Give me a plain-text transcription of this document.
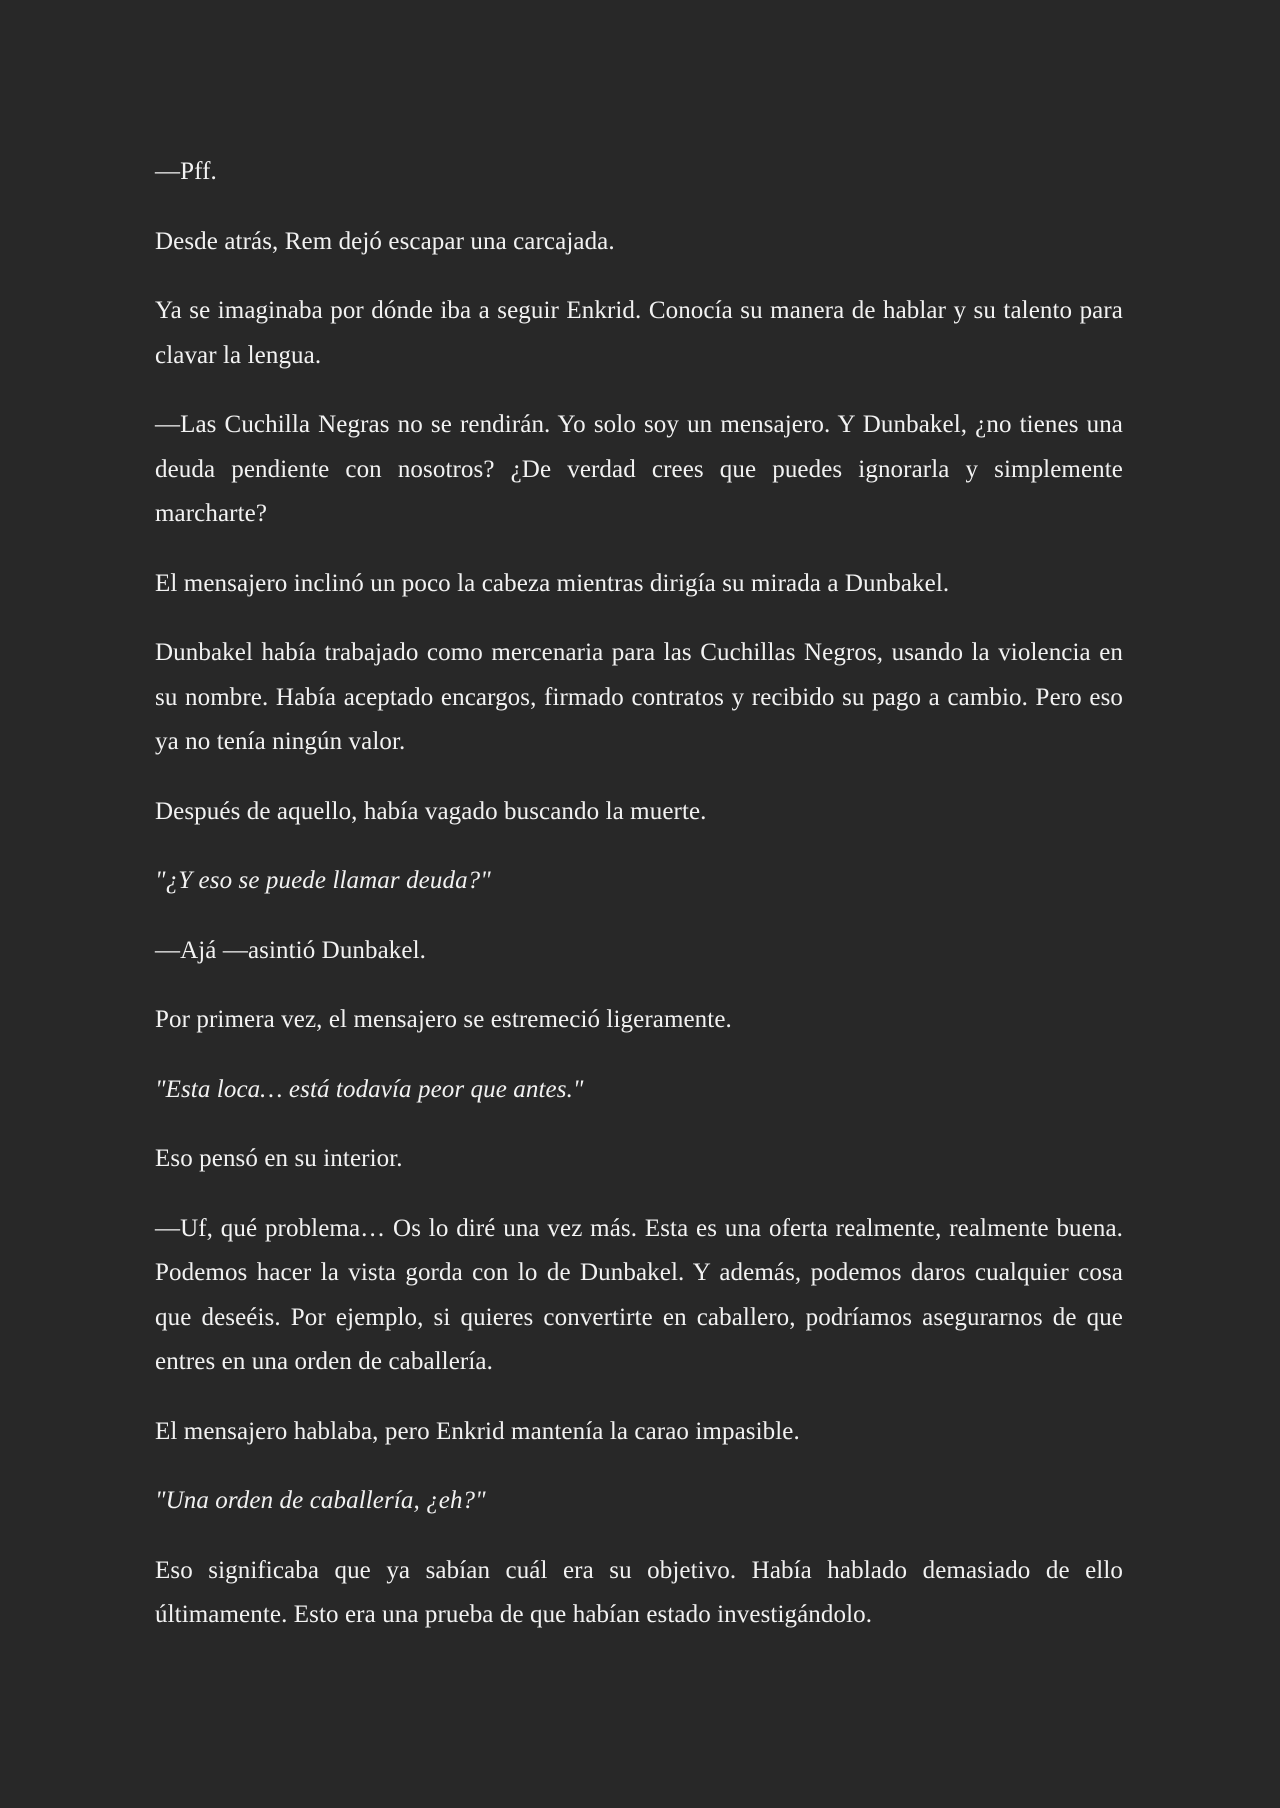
—Pff.

Desde atrás, Rem dejó escapar una carcajada.

Ya se imaginaba por dónde iba a seguir Enkrid. Conocía su manera de hablar y su talento para clavar la lengua.

—Las Cuchilla Negras no se rendirán. Yo solo soy un mensajero. Y Dunbakel, ¿no tienes una deuda pendiente con nosotros? ¿De verdad crees que puedes ignorarla y simplemente marcharte?

El mensajero inclinó un poco la cabeza mientras dirigía su mirada a Dunbakel.

Dunbakel había trabajado como mercenaria para las Cuchillas Negros, usando la violencia en su nombre. Había aceptado encargos, firmado contratos y recibido su pago a cambio. Pero eso ya no tenía ningún valor.

Después de aquello, había vagado buscando la muerte.

"¿Y eso se puede llamar deuda?"

—Ajá —asintió Dunbakel.

Por primera vez, el mensajero se estremeció ligeramente.

"Esta loca… está todavía peor que antes."

Eso pensó en su interior.

—Uf, qué problema… Os lo diré una vez más. Esta es una oferta realmente, realmente buena. Podemos hacer la vista gorda con lo de Dunbakel. Y además, podemos daros cualquier cosa que deseéis. Por ejemplo, si quieres convertirte en caballero, podríamos asegurarnos de que entres en una orden de caballería.

El mensajero hablaba, pero Enkrid mantenía la carao impasible.

"Una orden de caballería, ¿eh?"

Eso significaba que ya sabían cuál era su objetivo. Había hablado demasiado de ello últimamente. Esto era una prueba de que habían estado investigándolo.
